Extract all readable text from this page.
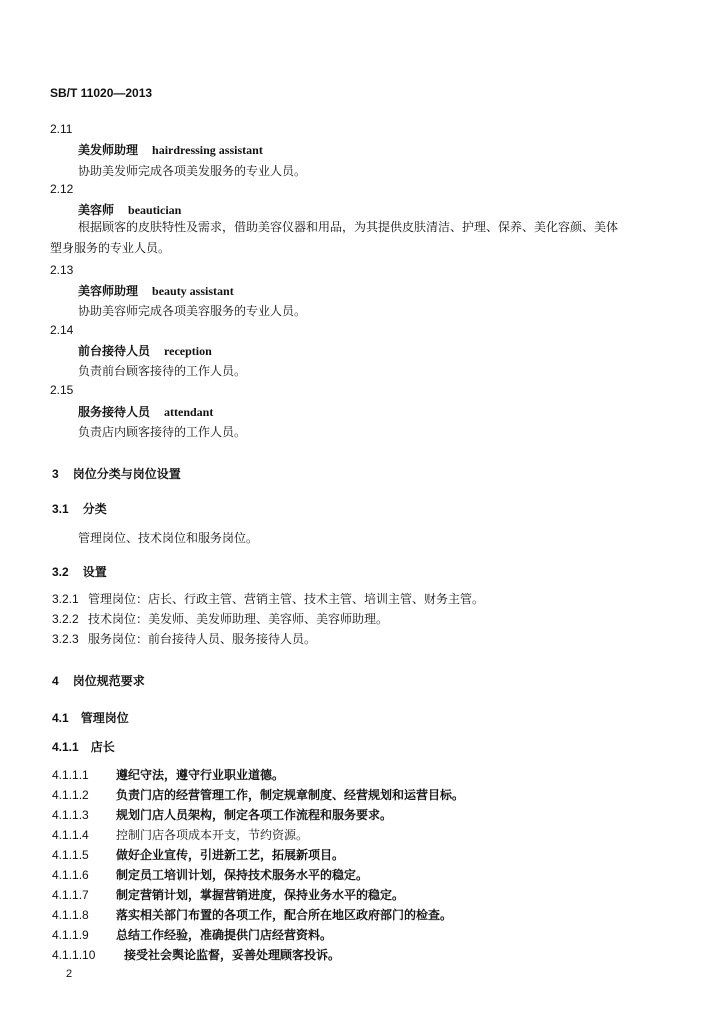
SB/T 11020—2013
2.11
美发师助理 hairdressing assistant
协助美发师完成各项美发服务的专业人员。
2.12
美容师 beautician
根据顾客的皮肤特性及需求，借助美容仪器和用品，为其提供皮肤清洁、护理、保养、美化容颜、美体塑身服务的专业人员。
2.13
美容师助理 beauty assistant
协助美容师完成各项美容服务的专业人员。
2.14
前台接待人员 reception
负责前台顾客接待的工作人员。
2.15
服务接待人员 attendant
负责店内顾客接待的工作人员。
3 岗位分类与岗位设置
3.1 分类
管理岗位、技术岗位和服务岗位。
3.2 设置
3.2.1 管理岗位：店长、行政主管、营销主管、技术主管、培训主管、财务主管。
3.2.2 技术岗位：美发师、美发师助理、美容师、美容师助理。
3.2.3 服务岗位：前台接待人员、服务接待人员。
4 岗位规范要求
4.1 管理岗位
4.1.1 店长
4.1.1.1 遵纪守法，遵守行业职业道德。
4.1.1.2 负责门店的经营管理工作，制定规章制度、经营规划和运营目标。
4.1.1.3 规划门店人员架构，制定各项工作流程和服务要求。
4.1.1.4 控制门店各项成本开支，节约资源。
4.1.1.5 做好企业宣传，引进新工艺，拓展新项目。
4.1.1.6 制定员工培训计划，保持技术服务水平的稳定。
4.1.1.7 制定营销计划，掌握营销进度，保持业务水平的稳定。
4.1.1.8 落实相关部门布置的各项工作，配合所在地区政府部门的检查。
4.1.1.9 总结工作经验，准确提供门店经营资料。
4.1.1.10 接受社会舆论监督，妥善处理顾客投诉。
2
